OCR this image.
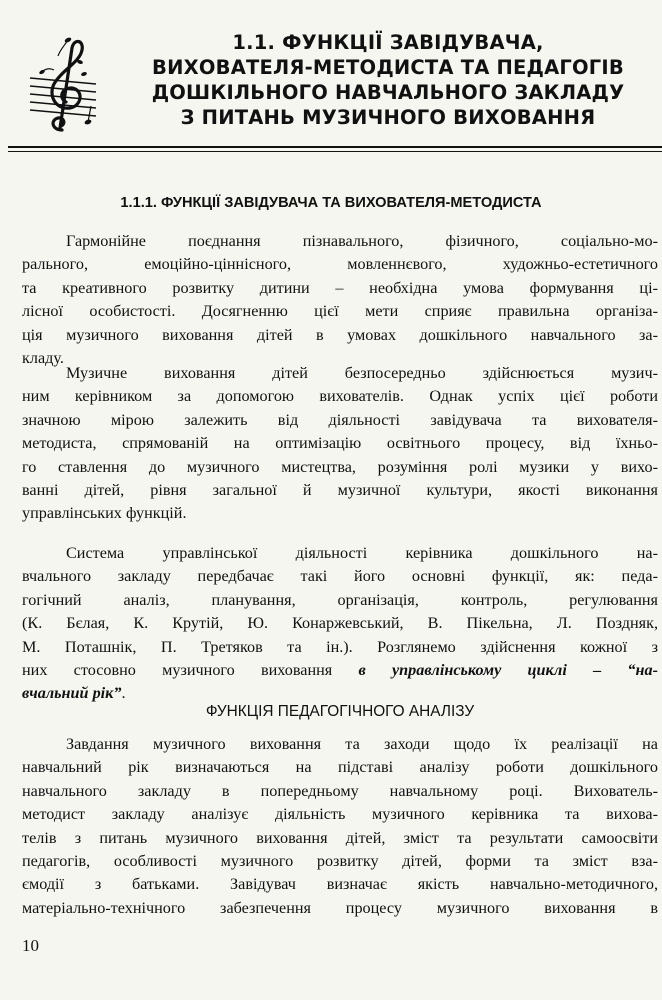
1.1. ФУНКЦІЇ ЗАВІДУВАЧА,
ВИХОВАТЕЛЯ-МЕТОДИСТА ТА ПЕДАГОГІВ
ДОШКІЛЬНОГО НАВЧАЛЬНОГО ЗАКЛАДУ
З ПИТАНЬ МУЗИЧНОГО ВИХОВАННЯ
1.1.1. ФУНКЦІЇ ЗАВІДУВАЧА ТА ВИХОВАТЕЛЯ-МЕТОДИСТА
Гармонійне поєднання пізнавального, фізичного, соціально-мо-
рального, емоційно-ціннісного, мовленнєвого, художньо-естетичного
та креативного розвитку дитини – необхідна умова формування ці-
лісної особистості. Досягненню цієї мети сприяє правильна організа-
ція музичного виховання дітей в умовах дошкільного навчального за-
кладу.
Музичне виховання дітей безпосередньо здійснюється музич-
ним керівником за допомогою вихователів. Однак успіх цієї роботи
значною мірою залежить від діяльності завідувача та вихователя-
методиста, спрямованій на оптимізацію освітнього процесу, від їхньо-
го ставлення до музичного мистецтва, розуміння ролі музики у вихо-
ванні дітей, рівня загальної й музичної культури, якості виконання
управлінських функцій.
Система управлінської діяльності керівника дошкільного на-
вчального закладу передбачає такі його основні функції, як: педа-
гогічний аналіз, планування, організація, контроль, регулювання
(К. Бєлая, К. Крутій, Ю. Конаржевський, В. Пікельна, Л. Поздняк,
М. Поташнік, П. Третяков та ін.). Розглянемо здійснення кожної з
них стосовно музичного виховання в управлінському циклі – “на-
вчальний рік”.
ФУНКЦІЯ ПЕДАГОГІЧНОГО АНАЛІЗУ
Завдання музичного виховання та заходи щодо їх реалізації на
навчальний рік визначаються на підставі аналізу роботи дошкільного
навчального закладу в попередньому навчальному році. Вихователь-
методист закладу аналізує діяльність музичного керівника та вихова-
телів з питань музичного виховання дітей, зміст та результати самоосвіти
педагогів, особливості музичного розвитку дітей, форми та зміст вза-
ємодії з батьками. Завідувач визначає якість навчально-методичного,
матеріально-технічного забезпечення процесу музичного виховання в
10
